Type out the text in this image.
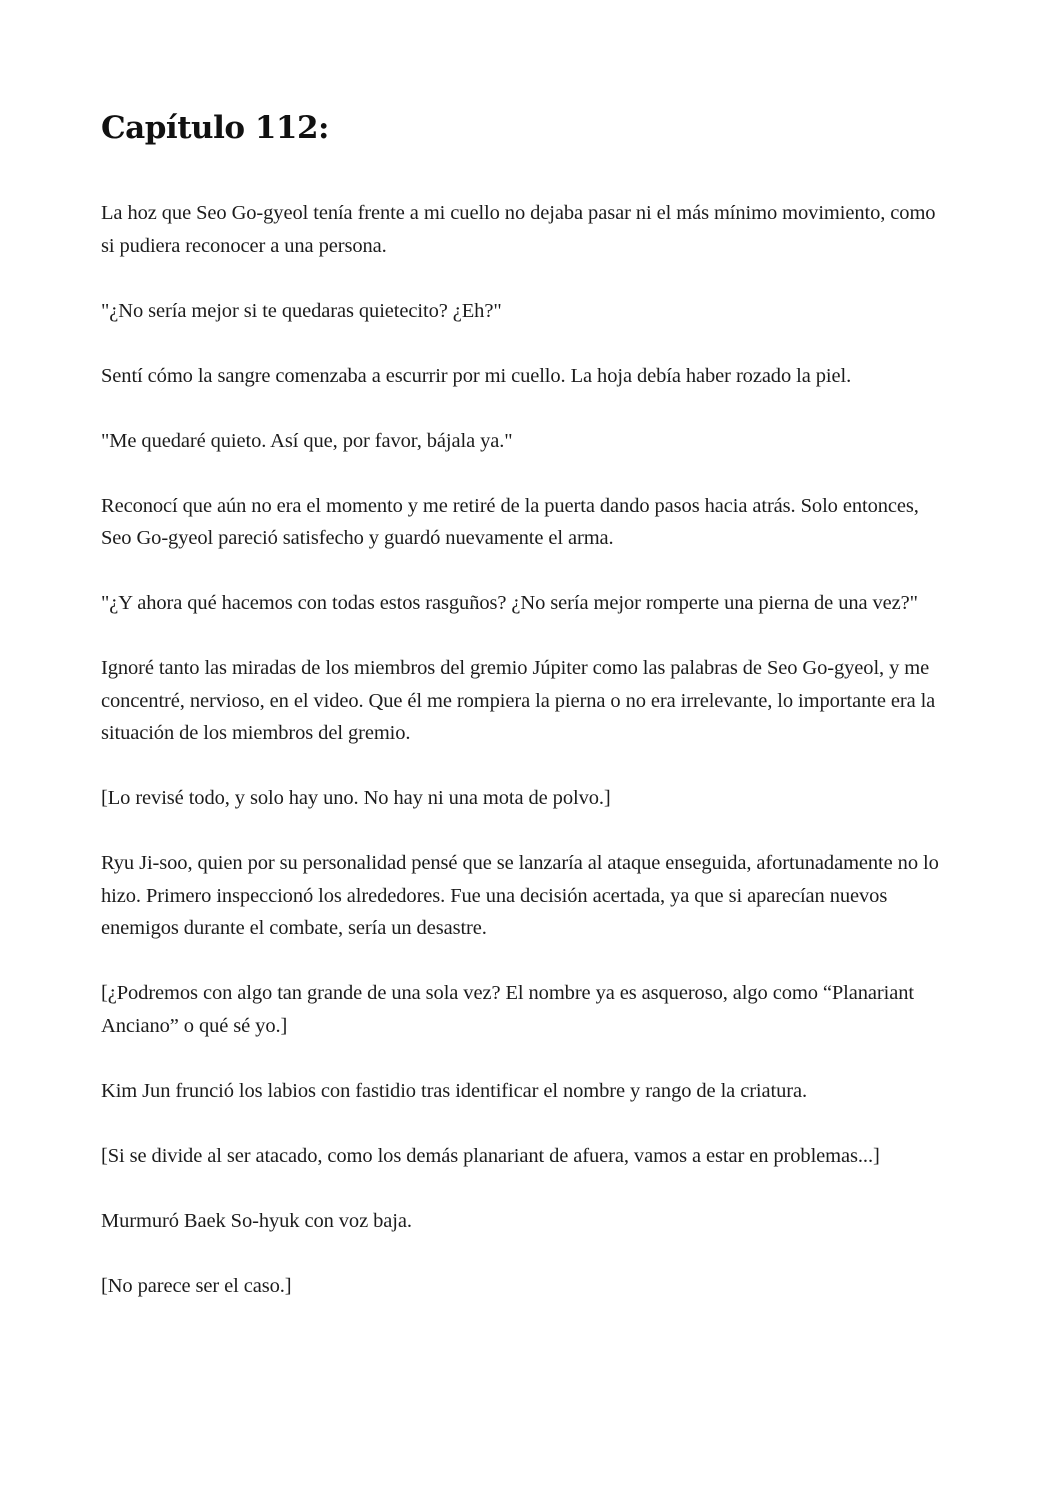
Capítulo 112:

La hoz que Seo Go-gyeol tenía frente a mi cuello no dejaba pasar ni el más mínimo movimiento, como si pudiera reconocer a una persona.

"¿No sería mejor si te quedaras quietecito? ¿Eh?"

Sentí cómo la sangre comenzaba a escurrir por mi cuello. La hoja debía haber rozado la piel.

"Me quedaré quieto. Así que, por favor, bájala ya."

Reconocí que aún no era el momento y me retiré de la puerta dando pasos hacia atrás. Solo entonces, Seo Go-gyeol pareció satisfecho y guardó nuevamente el arma.

"¿Y ahora qué hacemos con todas estos rasguños? ¿No sería mejor romperte una pierna de una vez?"

Ignoré tanto las miradas de los miembros del gremio Júpiter como las palabras de Seo Go-gyeol, y me concentré, nervioso, en el video. Que él me rompiera la pierna o no era irrelevante, lo importante era la situación de los miembros del gremio.

[Lo revisé todo, y solo hay uno. No hay ni una mota de polvo.]

Ryu Ji-soo, quien por su personalidad pensé que se lanzaría al ataque enseguida, afortunadamente no lo hizo. Primero inspeccionó los alrededores. Fue una decisión acertada, ya que si aparecían nuevos enemigos durante el combate, sería un desastre.

[¿Podremos con algo tan grande de una sola vez? El nombre ya es asqueroso, algo como “Planariant Anciano” o qué sé yo.]

Kim Jun frunció los labios con fastidio tras identificar el nombre y rango de la criatura.

[Si se divide al ser atacado, como los demás planariant de afuera, vamos a estar en problemas...]

Murmuró Baek So-hyuk con voz baja.

[No parece ser el caso.]
